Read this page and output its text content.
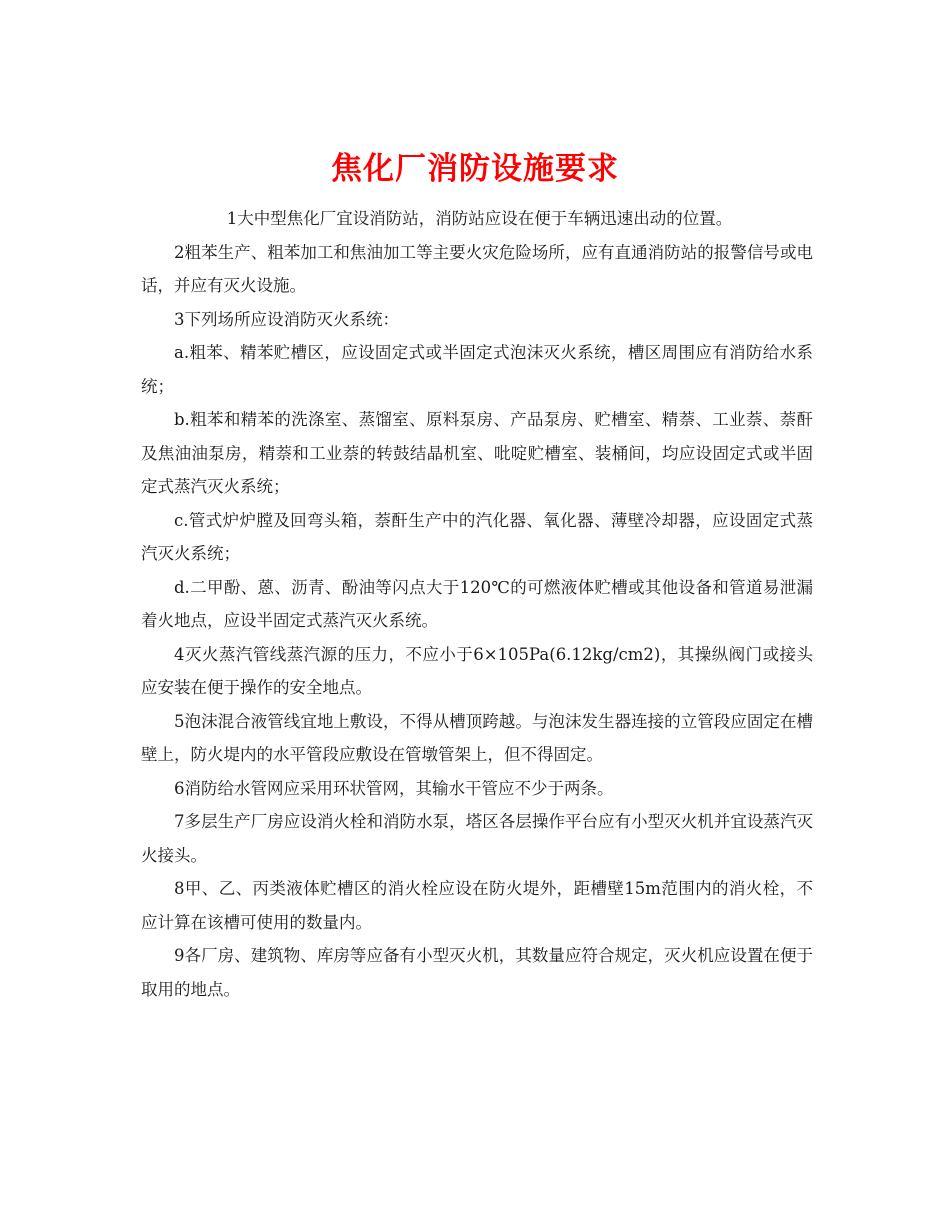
焦化厂消防设施要求

1大中型焦化厂宜设消防站，消防站应设在便于车辆迅速出动的位置。

2粗苯生产、粗苯加工和焦油加工等主要火灾危险场所，应有直通消防站的报警信号或电话，并应有灭火设施。

3下列场所应设消防灭火系统：

a.粗苯、精苯贮槽区，应设固定式或半固定式泡沫灭火系统，槽区周围应有消防给水系统；

b.粗苯和精苯的洗涤室、蒸馏室、原料泵房、产品泵房、贮槽室、精萘、工业萘、萘酐及焦油油泵房，精萘和工业萘的转鼓结晶机室、吡啶贮槽室、装桶间，均应设固定式或半固定式蒸汽灭火系统；

c.管式炉炉膛及回弯头箱，萘酐生产中的汽化器、氧化器、薄壁冷却器，应设固定式蒸汽灭火系统；

d.二甲酚、蒽、沥青、酚油等闪点大于120℃的可燃液体贮槽或其他设备和管道易泄漏着火地点，应设半固定式蒸汽灭火系统。

4灭火蒸汽管线蒸汽源的压力，不应小于6×105Pa(6.12kg/cm2)，其操纵阀门或接头应安装在便于操作的安全地点。

5泡沫混合液管线宜地上敷设，不得从槽顶跨越。与泡沫发生器连接的立管段应固定在槽壁上，防火堤内的水平管段应敷设在管墩管架上，但不得固定。

6消防给水管网应采用环状管网，其输水干管应不少于两条。

7多层生产厂房应设消火栓和消防水泵，塔区各层操作平台应有小型灭火机并宜设蒸汽灭火接头。

8甲、乙、丙类液体贮槽区的消火栓应设在防火堤外，距槽壁15m范围内的消火栓，不应计算在该槽可使用的数量内。

9各厂房、建筑物、库房等应备有小型灭火机，其数量应符合规定，灭火机应设置在便于取用的地点。
